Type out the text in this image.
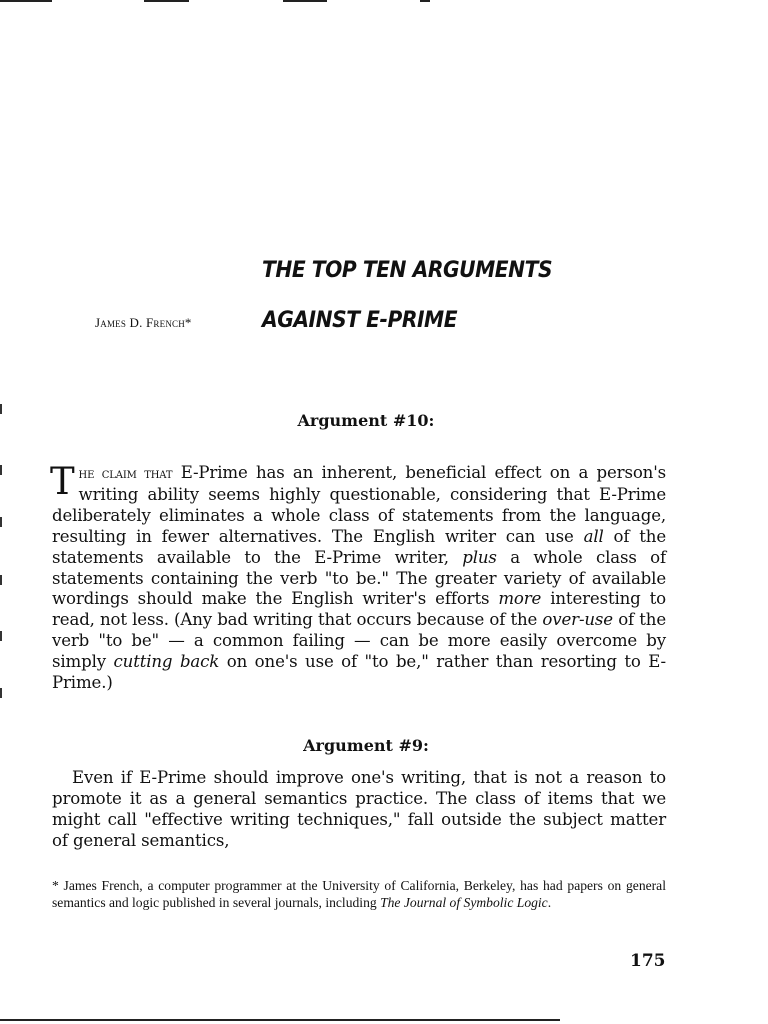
THE TOP TEN ARGUMENTS
AGAINST E-PRIME
James D. French*
Argument #10:
The claim that E-Prime has an inherent, beneficial effect on a person's writing ability seems highly questionable, considering that E-Prime deliberately eliminates a whole class of statements from the language, resulting in fewer alternatives. The English writer can use all of the statements available to the E-Prime writer, plus a whole class of statements containing the verb "to be." The greater variety of available wordings should make the English writer's efforts more interesting to read, not less. (Any bad writing that occurs because of the over-use of the verb "to be" — a common failing — can be more easily overcome by simply cutting back on one's use of "to be," rather than resorting to E-Prime.)
Argument #9:
Even if E-Prime should improve one's writing, that is not a reason to promote it as a general semantics practice. The class of items that we might call "effective writing techniques," fall outside the subject matter of general semantics,
* James French, a computer programmer at the University of California, Berkeley, has had papers on general semantics and logic published in several journals, including The Journal of Symbolic Logic.
175
